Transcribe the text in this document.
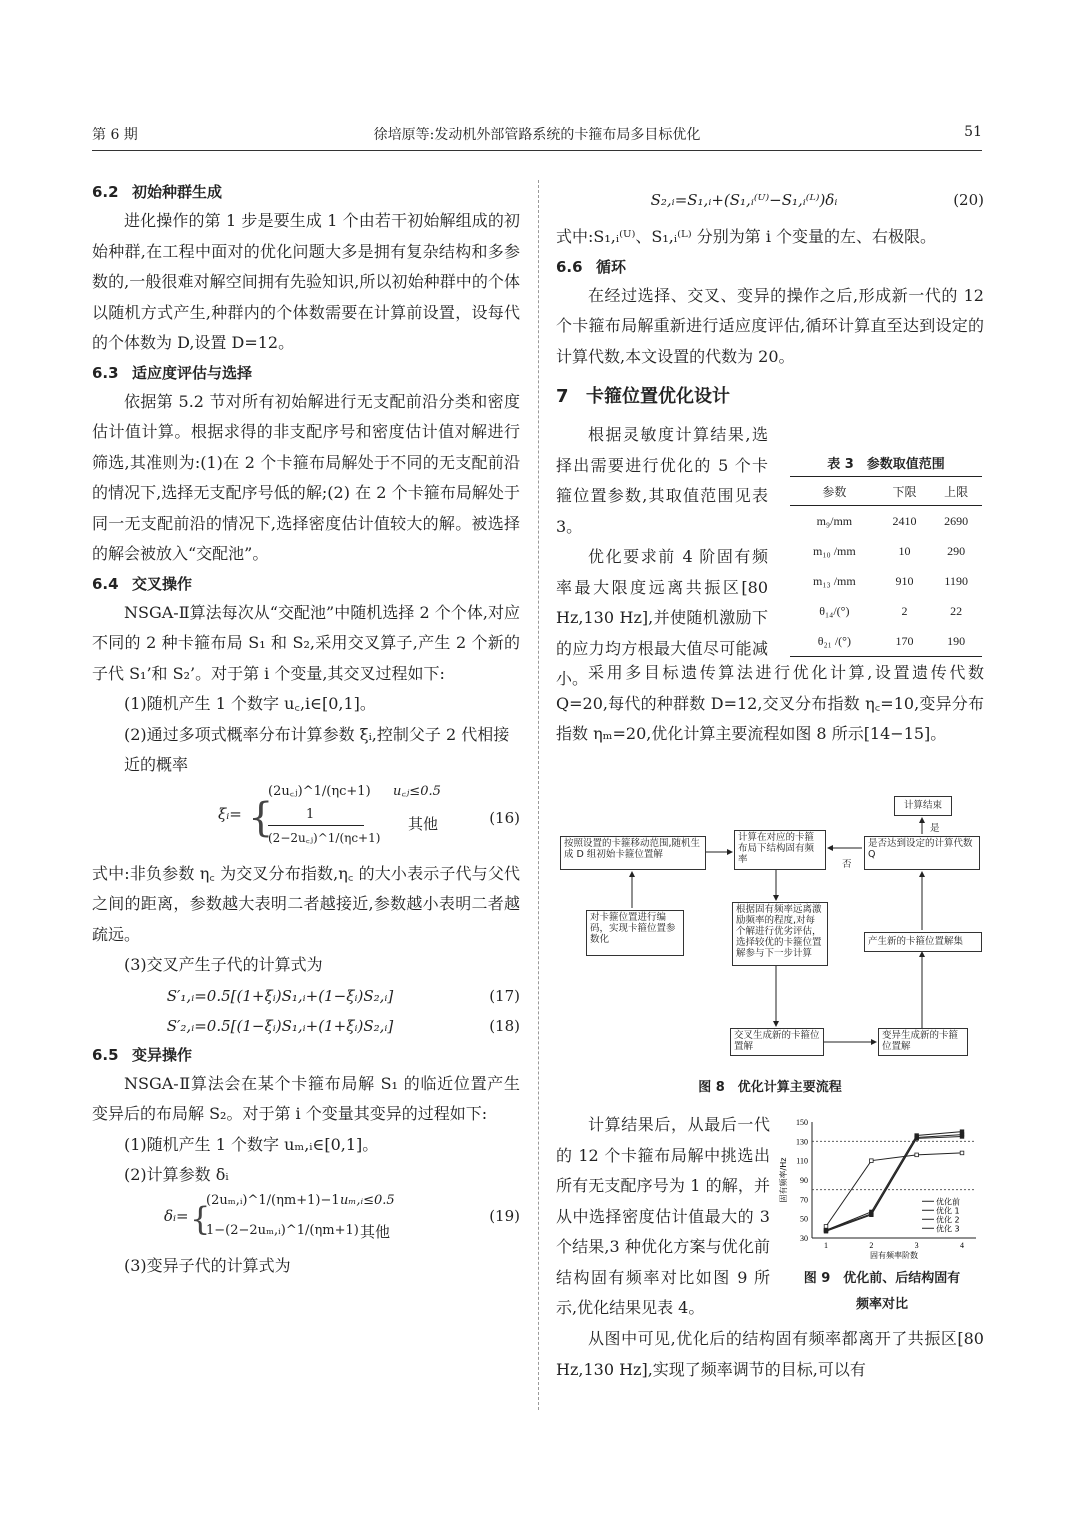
第 6 期	徐培原等:发动机外部管路系统的卡箍布局多目标优化	51
6.2 初始种群生成

进化操作的第 1 步是要生成 1 个由若干初始解组成的初始种群,在工程中面对的优化问题大多是拥有复杂结构和多参数的,一般很难对解空间拥有先验知识,所以初始种群中的个体以随机方式产生,种群内的个体数需要在计算前设置，设每代的个体数为 D,设置 D=12。

6.3 适应度评估与选择

依据第 5.2 节对所有初始解进行无支配前沿分类和密度估计值计算。根据求得的非支配序号和密度估计值对解进行筛选,其准则为:(1)在 2 个卡箍布局解处于不同的无支配前沿的情况下,选择无支配序号低的解;(2) 在 2 个卡箍布局解处于同一无支配前沿的情况下,选择密度估计值较大的解。被选择的解会被放入“交配池”。

6.4 交叉操作

NSGA-Ⅱ算法每次从“交配池”中随机选择 2 个个体,对应不同的 2 种卡箍布局 S₁ 和 S₂,采用交叉算子,产生 2 个新的子代 S₁’和 S₂’。对于第 i 个变量,其交叉过程如下:

(1)随机产生 1 个数字 u꜀,i∈[0,1]。

(2)通过多项式概率分布计算参数 ξᵢ,控制父子 2 代相接近的概率

ξᵢ= {
(2u꜀ⱼ)^1/(ηc+1) u꜀ⱼ≤0.5
1
(2−2u꜀ⱼ)^1/(ηc+1)
其他	(16)

式中:非负参数 η꜀ 为交叉分布指数,η꜀ 的大小表示子代与父代之间的距离，参数越大表明二者越接近,参数越小表明二者越疏远。

(3)交叉产生子代的计算式为

S′₁,ᵢ=0.5[(1+ξᵢ)S₁,ᵢ+(1−ξᵢ)S₂,ᵢ]	(17)
S′₂,ᵢ=0.5[(1−ξᵢ)S₁,ᵢ+(1+ξᵢ)S₂,ᵢ]	(18)
6.5 变异操作

NSGA-Ⅱ算法会在某个卡箍布局解 S₁ 的临近位置产生变异后的布局解 S₂。对于第 i 个变量其变异的过程如下:

(1)随机产生 1 个数字 uₘ,ᵢ∈[0,1]。

(2)计算参数 δᵢ

δᵢ= {
(2uₘ,ᵢ)^1/(ηm+1)−1 uₘ,ᵢ≤0.5
1−(2−2uₘ,ᵢ)^1/(ηm+1) 其他
(19)

(3)变异子代的计算式为

S₂,ᵢ=S₁,ᵢ+(S₁,ᵢ⁽ᵁ⁾−S₁,ᵢ⁽ᴸ⁾)δᵢ	(20)

式中:S₁,ᵢ⁽ᵁ⁾、S₁,ᵢ⁽ᴸ⁾ 分别为第 i 个变量的左、右极限。

6.6 循环

在经过选择、交叉、变异的操作之后,形成新一代的 12 个卡箍布局解重新进行适应度评估,循环计算直至达到设定的计算代数,本文设置的代数为 20。

7 卡箍位置优化设计

根据灵敏度计算结果,选择出需要进行优化的 5 个卡箍位置参数,其取值范围见表 3。

优化要求前 4 阶固有频率最大限度远离共振区[80 Hz,130 Hz],并使随机激励下的应力均方根最大值尽可能减小。 采用多目标遗传算法进行优化计算,设置遗传代数 Q=20,每代的种群数 D=12,交叉分布指数 η꜀=10,变异分布指数 ηₘ=20,优化计算主要流程如图 8 所示[14−15]。

表 3　参数取值范围
参数	下限	上限
m₉/mm	2410	2690
m₁₀ /mm	10	290
m₁₃ /mm	910	1190
θ₁₄/(°)	2	22
θ₂₁ /(°)	170	190
计算结束
是
按照设置的卡箍移动范围,随机生成 D 组初始卡箍位置解
计算在对应的卡箍布局下结构固有频率	否
是否达到设定的计算代数 Q
对卡箍位置进行编码，实现卡箍位置参数化
根据固有频率远离激励频率的程度,对每个解进行优劣评估，选择较优的卡箍位置解参与下一步计算
产生新的卡箍位置解集
交叉生成新的卡箍位置解
变异生成新的卡箍位置解
图 8　优化计算主要流程

计算结果后，从最后一代的 12 个卡箍布局解中挑选出所有无支配序号为 1 的解，并从中选择密度估计值最大的 3 个结果,3 种优化方案与优化前结构固有频率对比如图 9 所示,优化结果见表 4。

30
50
70
90
110
130
150
1	2	3	4
固有频率阶数
固有频率/Hz	优化前
优化 1
优化 2
优化 3
图 9　优化前、后结构固有
频率对比

从图中可见,优化后的结构固有频率都离开了共振区[80 Hz,130 Hz],实现了频率调节的目标,可以有
